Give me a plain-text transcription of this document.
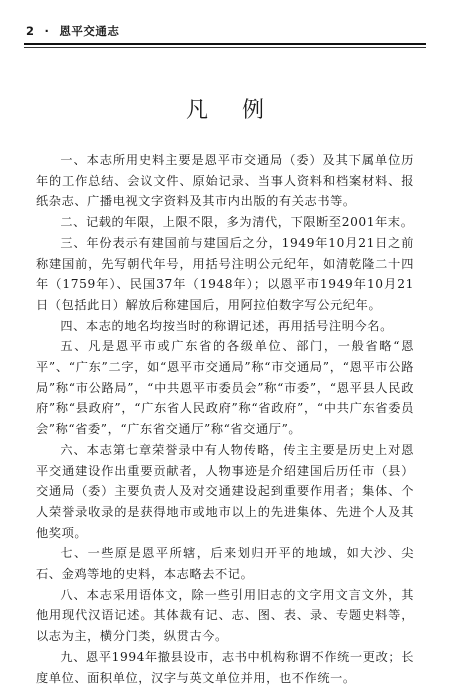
2 · 恩平交通志
凡例

一、本志所用史料主要是恩平市交通局（委）及其下属单位历年的工作总结、会议文件、原始记录、当事人资料和档案材料、报纸杂志、广播电视文字资料及其市内出版的有关志书等。

二、记载的年限，上限不限，多为清代，下限断至2001年末。

三、年份表示有建国前与建国后之分，1949年10月21日之前称建国前，先写朝代年号，用括号注明公元纪年，如清乾隆二十四年（1759年）、民国37年（1948年）；以恩平市1949年10月21日（包括此日）解放后称建国后，用阿拉伯数字写公元纪年。

四、本志的地名均按当时的称谓记述，再用括号注明今名。

五、凡是恩平市或广东省的各级单位、部门，一般省略“恩平”、“广东”二字，如“恩平市交通局”称“市交通局”，“恩平市公路局”称“市公路局”，“中共恩平市委员会”称“市委”，“恩平县人民政府”称“县政府”，“广东省人民政府”称“省政府”，“中共广东省委员会”称“省委”，“广东省交通厅”称“省交通厅”。

六、本志第七章荣誉录中有人物传略，传主主要是历史上对恩平交通建设作出重要贡献者，人物事迹是介绍建国后历任市（县）交通局（委）主要负责人及对交通建设起到重要作用者；集体、个人荣誉录收录的是获得地市或地市以上的先进集体、先进个人及其他奖项。

七、一些原是恩平所辖，后来划归开平的地域，如大沙、尖石、金鸡等地的史料，本志略去不记。

八、本志采用语体文，除一些引用旧志的文字用文言文外，其他用现代汉语记述。其体裁有记、志、图、表、录、专题史料等，以志为主，横分门类，纵贯古今。

九、恩平1994年撤县设市，志书中机构称谓不作统一更改；长度单位、面积单位，汉字与英文单位并用，也不作统一。
